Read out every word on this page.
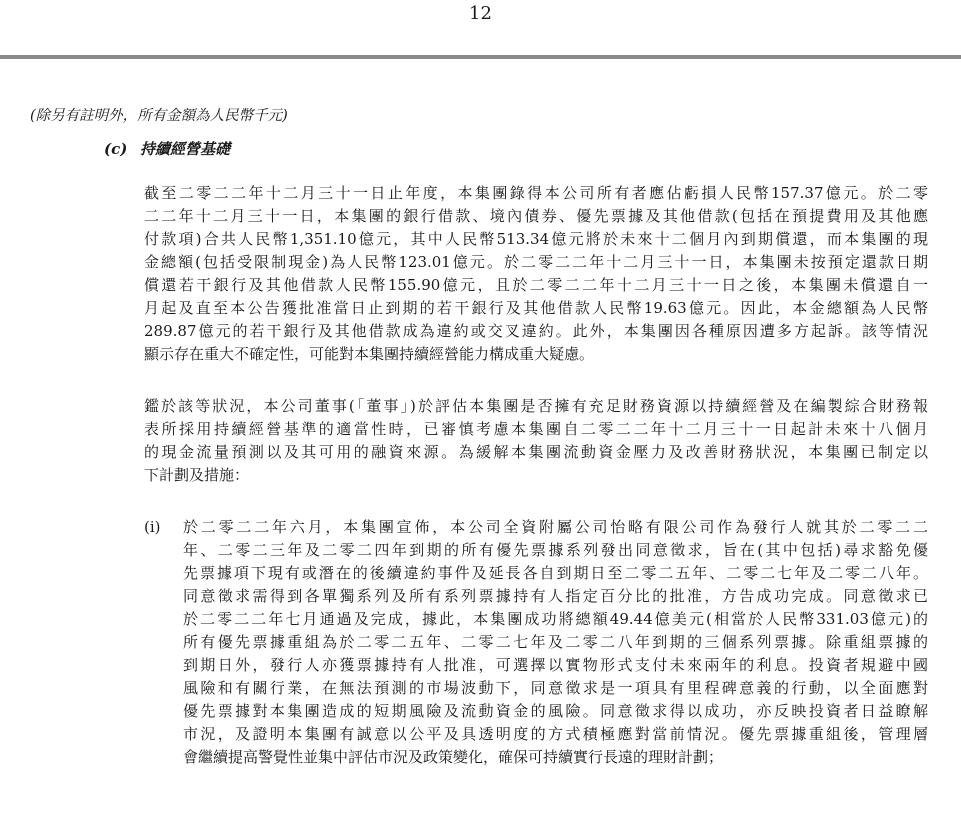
12
(除另有註明外，所有金額為人民幣千元)
(c) 持續經營基礎
截至二零二二年十二月三十一日止年度，本集團錄得本公司所有者應佔虧損人民幣157.37億元。於二零
二二年十二月三十一日，本集團的銀行借款、境內債券、優先票據及其他借款(包括在預提費用及其他應
付款項)合共人民幣1,351.10億元，其中人民幣513.34億元將於未來十二個月內到期償還，而本集團的現
金總額(包括受限制現金)為人民幣123.01億元。於二零二二年十二月三十一日，本集團未按預定還款日期
償還若干銀行及其他借款人民幣155.90億元，且於二零二二年十二月三十一日之後，本集團未償還自一
月起及直至本公告獲批准當日止到期的若干銀行及其他借款人民幣19.63億元。因此，本金總額為人民幣
289.87億元的若干銀行及其他借款成為違約或交叉違約。此外，本集團因各種原因遭多方起訴。該等情況
顯示存在重大不確定性，可能對本集團持續經營能力構成重大疑慮。
鑑於該等狀況，本公司董事(「董事」)於評估本集團是否擁有充足財務資源以持續經營及在編製綜合財務報
表所採用持續經營基準的適當性時，已審慎考慮本集團自二零二二年十二月三十一日起計未來十八個月
的現金流量預測以及其可用的融資來源。為緩解本集團流動資金壓力及改善財務狀況，本集團已制定以
下計劃及措施：
(i) 於二零二二年六月，本集團宣佈，本公司全資附屬公司怡略有限公司作為發行人就其於二零二二
年、二零二三年及二零二四年到期的所有優先票據系列發出同意徵求，旨在(其中包括)尋求豁免優
先票據項下現有或潛在的後續違約事件及延長各自到期日至二零二五年、二零二七年及二零二八年。
同意徵求需得到各單獨系列及所有系列票據持有人指定百分比的批准，方告成功完成。同意徵求已
於二零二二年七月通過及完成，據此，本集團成功將總額49.44億美元(相當於人民幣331.03億元)的
所有優先票據重組為於二零二五年、二零二七年及二零二八年到期的三個系列票據。除重組票據的
到期日外，發行人亦獲票據持有人批准，可選擇以實物形式支付未來兩年的利息。投資者規避中國
風險和有關行業，在無法預測的市場波動下，同意徵求是一項具有里程碑意義的行動，以全面應對
優先票據對本集團造成的短期風險及流動資金的風險。同意徵求得以成功，亦反映投資者日益瞭解
市況，及證明本集團有誠意以公平及具透明度的方式積極應對當前情況。優先票據重組後，管理層
會繼續提高警覺性並集中評估市況及政策變化，確保可持續實行長遠的理財計劃；
